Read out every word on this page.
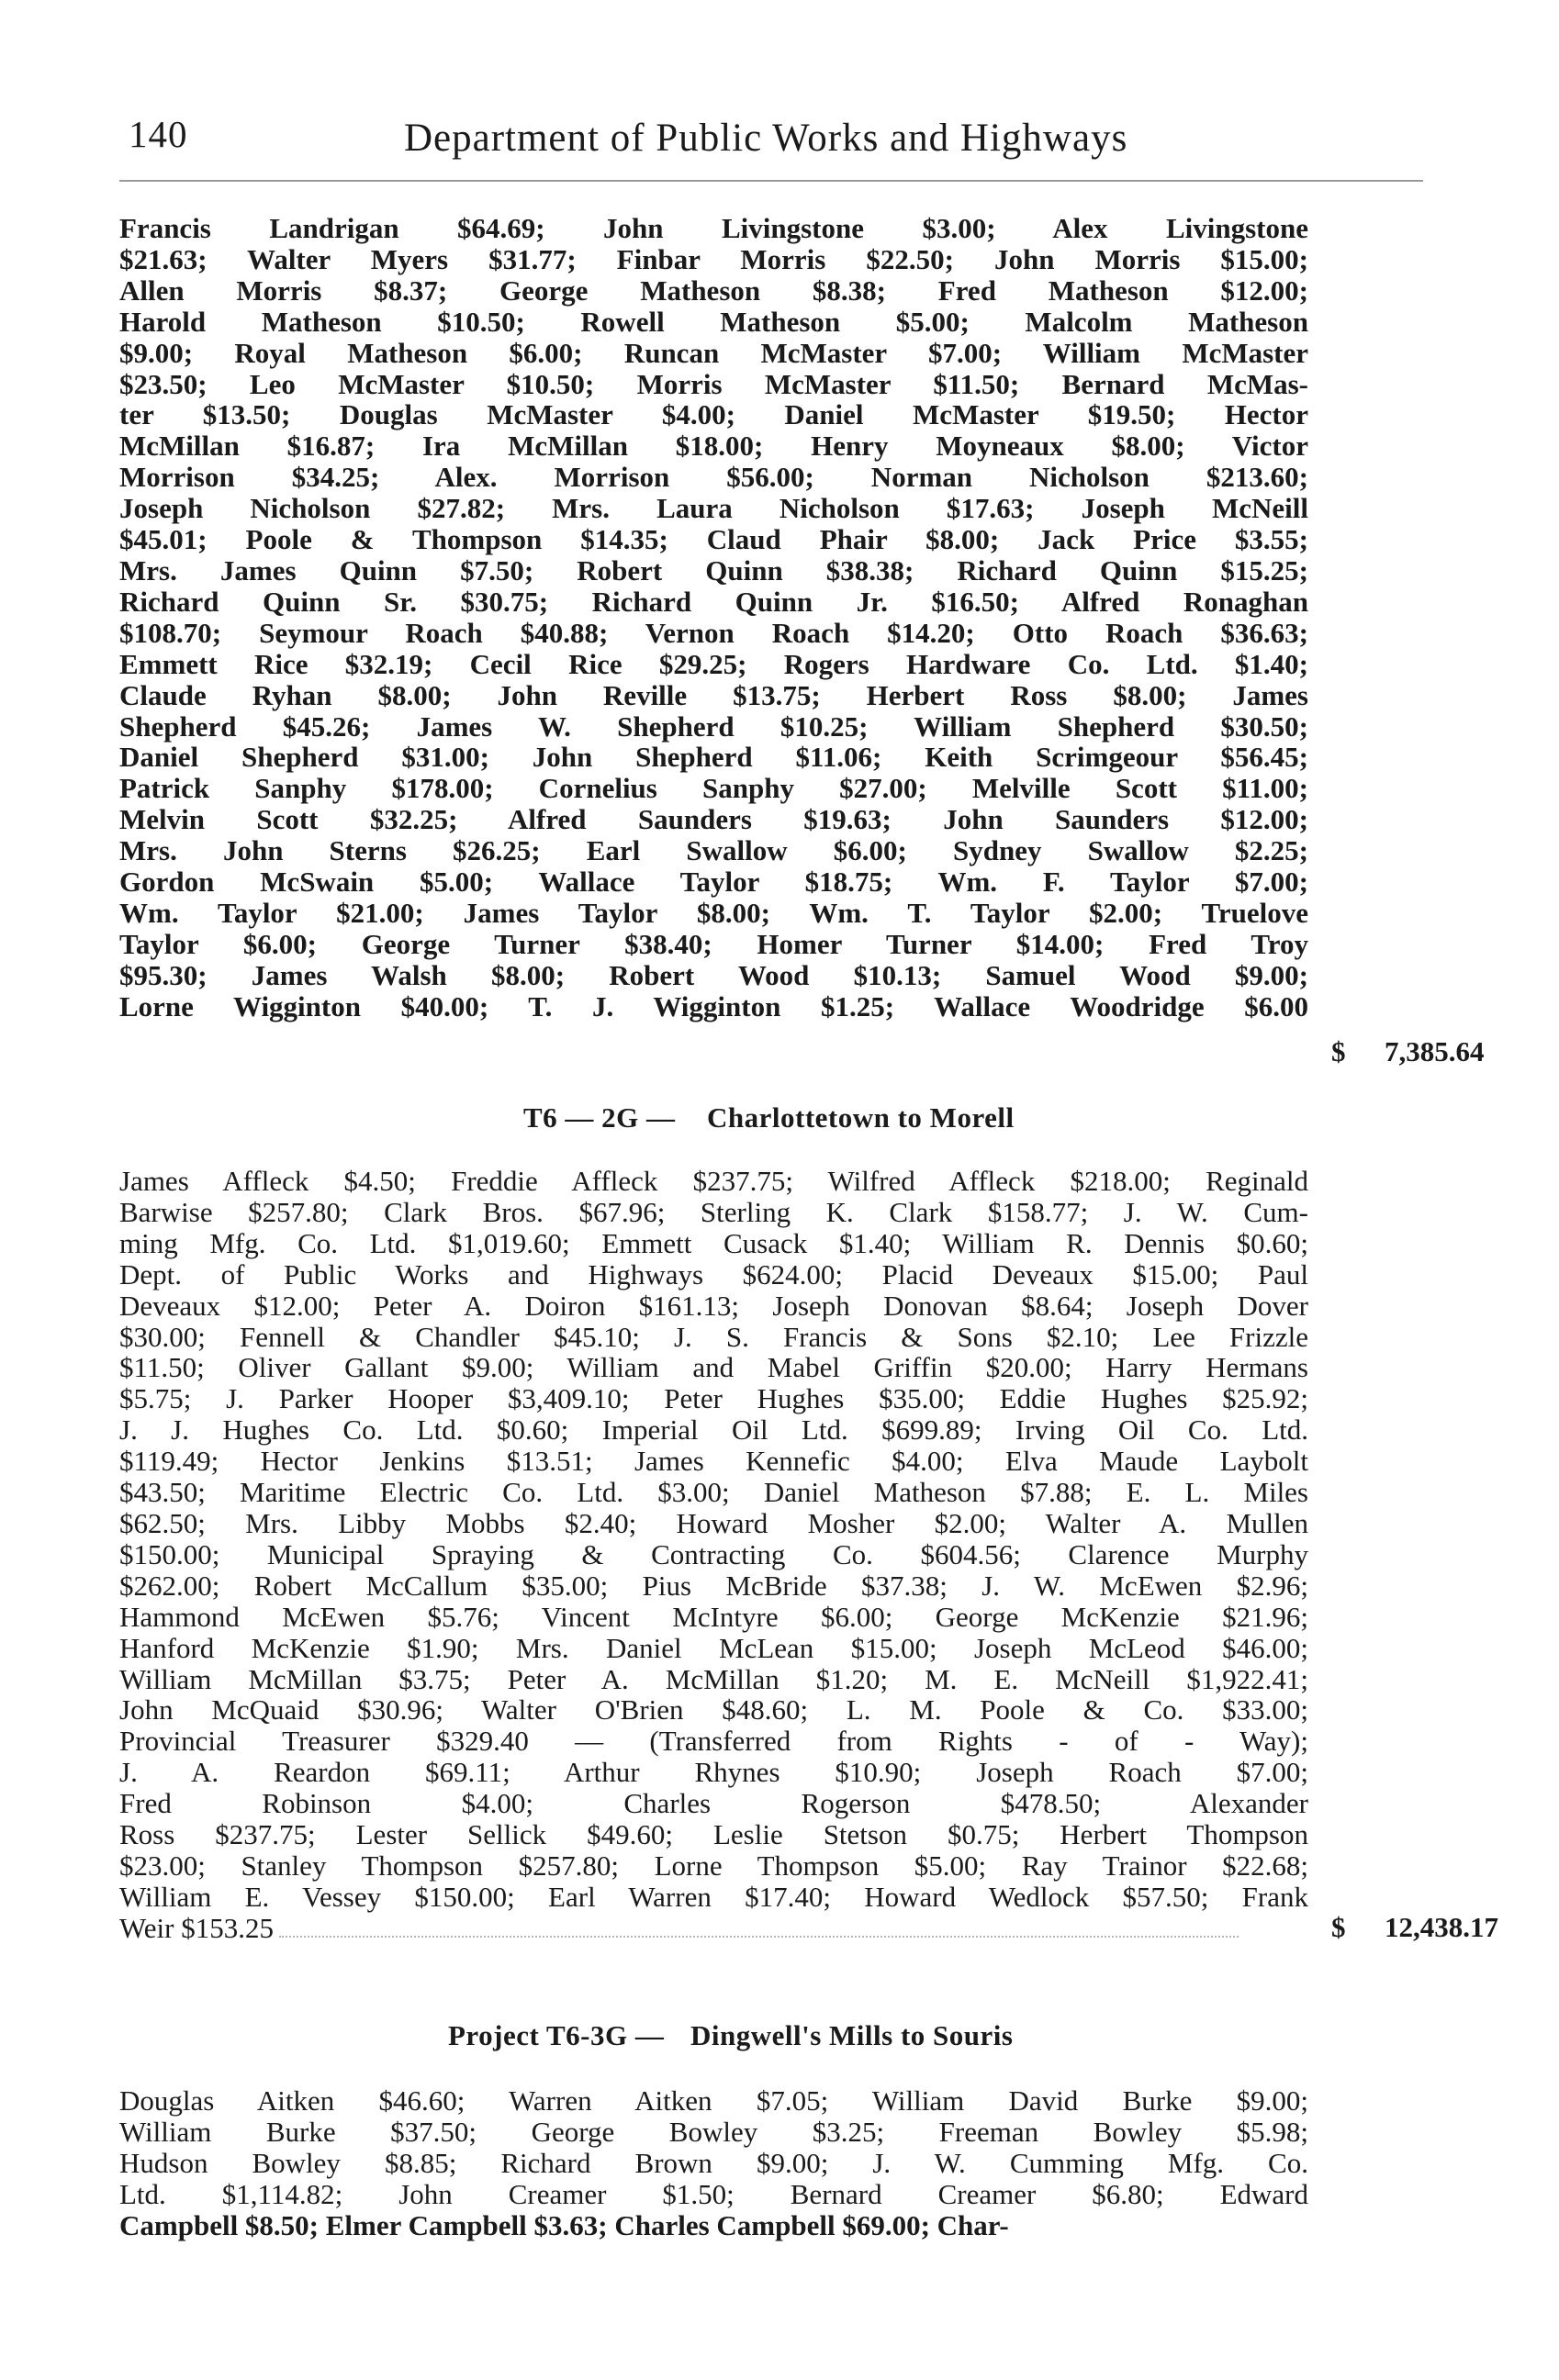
140	Department of Public Works and Highways
Francis Landrigan $64.69; John Livingstone $3.00; Alex Livingstone
$21.63; Walter Myers $31.77; Finbar Morris $22.50; John Morris $15.00;
Allen Morris $8.37; George Matheson $8.38; Fred Matheson $12.00;
Harold Matheson $10.50; Rowell Matheson $5.00; Malcolm Matheson
$9.00; Royal Matheson $6.00; Runcan McMaster $7.00; William McMaster
$23.50; Leo McMaster $10.50; Morris McMaster $11.50; Bernard McMas-
ter $13.50; Douglas McMaster $4.00; Daniel McMaster $19.50; Hector
McMillan $16.87; Ira McMillan $18.00; Henry Moyneaux $8.00; Victor
Morrison $34.25; Alex. Morrison $56.00; Norman Nicholson $213.60;
Joseph Nicholson $27.82; Mrs. Laura Nicholson $17.63; Joseph McNeill
$45.01; Poole & Thompson $14.35; Claud Phair $8.00; Jack Price $3.55;
Mrs. James Quinn $7.50; Robert Quinn $38.38; Richard Quinn $15.25;
Richard Quinn Sr. $30.75; Richard Quinn Jr. $16.50; Alfred Ronaghan
$108.70; Seymour Roach $40.88; Vernon Roach $14.20; Otto Roach $36.63;
Emmett Rice $32.19; Cecil Rice $29.25; Rogers Hardware Co. Ltd. $1.40;
Claude Ryhan $8.00; John Reville $13.75; Herbert Ross $8.00; James
Shepherd $45.26; James W. Shepherd $10.25; William Shepherd $30.50;
Daniel Shepherd $31.00; John Shepherd $11.06; Keith Scrimgeour $56.45;
Patrick Sanphy $178.00; Cornelius Sanphy $27.00; Melville Scott $11.00;
Melvin Scott $32.25; Alfred Saunders $19.63; John Saunders $12.00;
Mrs. John Sterns $26.25; Earl Swallow $6.00; Sydney Swallow $2.25;
Gordon McSwain $5.00; Wallace Taylor $18.75; Wm. F. Taylor $7.00;
Wm. Taylor $21.00; James Taylor $8.00; Wm. T. Taylor $2.00; Truelove
Taylor $6.00; George Turner $38.40; Homer Turner $14.00; Fred Troy
$95.30; James Walsh $8.00; Robert Wood $10.13; Samuel Wood $9.00;
Lorne Wigginton $40.00; T. J. Wigginton $1.25; Wallace Woodridge $6.00
$ 7,385.64
T6 — 2G — Charlottetown to Morell
James Affleck $4.50; Freddie Affleck $237.75; Wilfred Affleck $218.00; Reginald
Barwise $257.80; Clark Bros. $67.96; Sterling K. Clark $158.77; J. W. Cum-
ming Mfg. Co. Ltd. $1,019.60; Emmett Cusack $1.40; William R. Dennis $0.60;
Dept. of Public Works and Highways $624.00; Placid Deveaux $15.00; Paul
Deveaux $12.00; Peter A. Doiron $161.13; Joseph Donovan $8.64; Joseph Dover
$30.00; Fennell & Chandler $45.10; J. S. Francis & Sons $2.10; Lee Frizzle
$11.50; Oliver Gallant $9.00; William and Mabel Griffin $20.00; Harry Hermans
$5.75; J. Parker Hooper $3,409.10; Peter Hughes $35.00; Eddie Hughes $25.92;
J. J. Hughes Co. Ltd. $0.60; Imperial Oil Ltd. $699.89; Irving Oil Co. Ltd.
$119.49; Hector Jenkins $13.51; James Kennefic $4.00; Elva Maude Laybolt
$43.50; Maritime Electric Co. Ltd. $3.00; Daniel Matheson $7.88; E. L. Miles
$62.50; Mrs. Libby Mobbs $2.40; Howard Mosher $2.00; Walter A. Mullen
$150.00; Municipal Spraying & Contracting Co. $604.56; Clarence Murphy
$262.00; Robert McCallum $35.00; Pius McBride $37.38; J. W. McEwen $2.96;
Hammond McEwen $5.76; Vincent McIntyre $6.00; George McKenzie $21.96;
Hanford McKenzie $1.90; Mrs. Daniel McLean $15.00; Joseph McLeod $46.00;
William McMillan $3.75; Peter A. McMillan $1.20; M. E. McNeill $1,922.41;
John McQuaid $30.96; Walter O'Brien $48.60; L. M. Poole & Co. $33.00;
Provincial Treasurer $329.40 — (Transferred from Rights - of - Way);
J. A. Reardon $69.11; Arthur Rhynes $10.90; Joseph Roach $7.00;
Fred Robinson $4.00; Charles Rogerson $478.50; Alexander
Ross $237.75; Lester Sellick $49.60; Leslie Stetson $0.75; Herbert Thompson
$23.00; Stanley Thompson $257.80; Lorne Thompson $5.00; Ray Trainor $22.68;
William E. Vessey $150.00; Earl Warren $17.40; Howard Wedlock $57.50; Frank
Weir $153.25	$ 12,438.17
Project T6-3G — Dingwell's Mills to Souris
Douglas Aitken $46.60; Warren Aitken $7.05; William David Burke $9.00;
William Burke $37.50; George Bowley $3.25; Freeman Bowley $5.98;
Hudson Bowley $8.85; Richard Brown $9.00; J. W. Cumming Mfg. Co.
Ltd. $1,114.82; John Creamer $1.50; Bernard Creamer $6.80; Edward
Campbell $8.50; Elmer Campbell $3.63; Charles Campbell $69.00; Char-
